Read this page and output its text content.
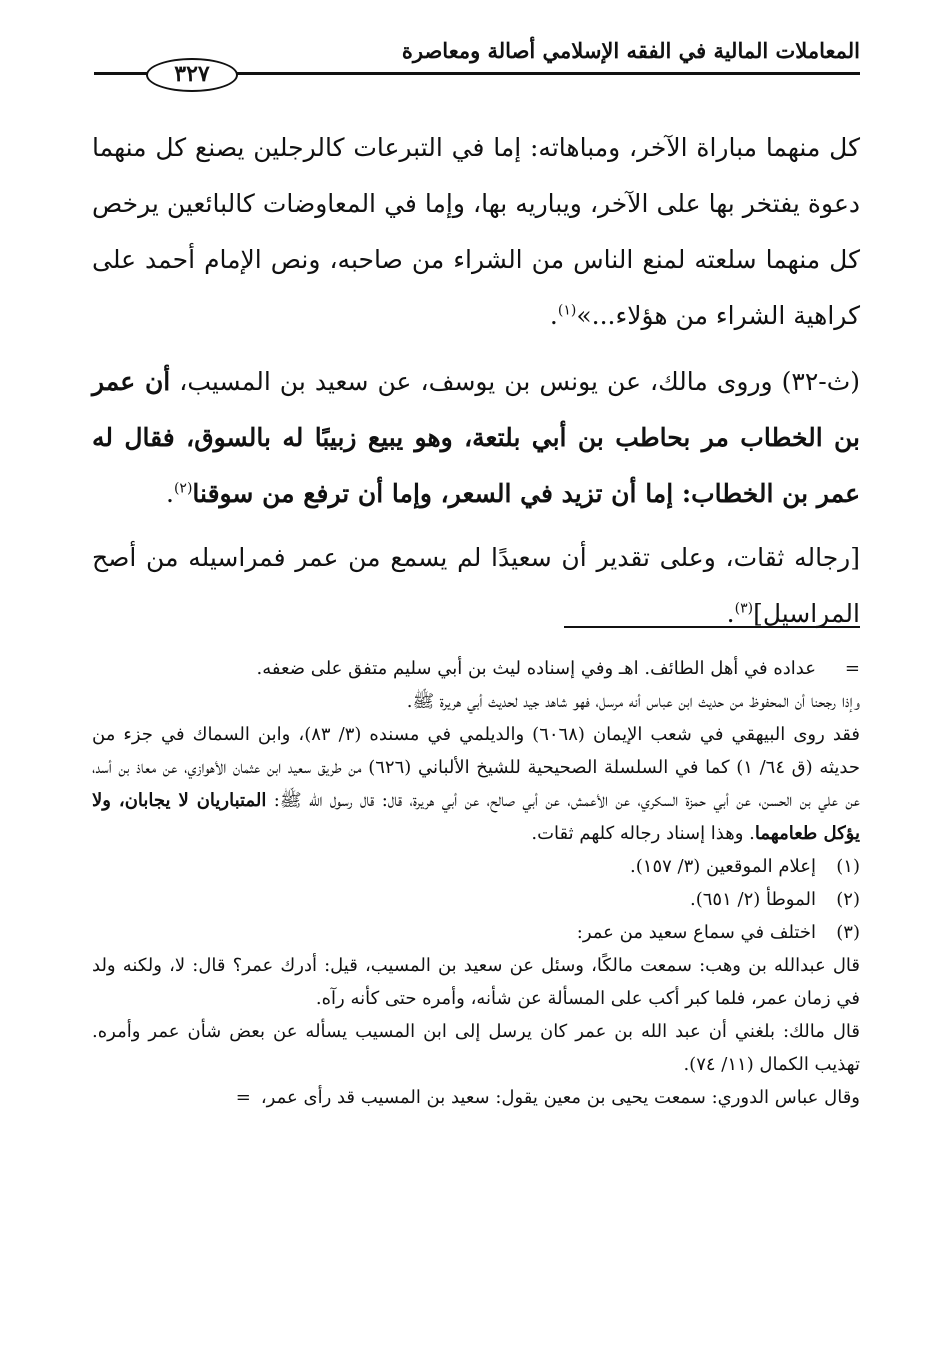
المعاملات المالية في الفقه الإسلامي أصالة ومعاصرة
٣٢٧

كل منهما مباراة الآخر، ومباهاته: إما في التبرعات كالرجلين يصنع كل منهما دعوة يفتخر بها على الآخر، ويباريه بها، وإما في المعاوضات كالبائعين يرخص كل منهما سلعته لمنع الناس من الشراء من صاحبه، ونص الإمام أحمد على كراهية الشراء من هؤلاء...»$^{(١)}$.

(ث-٣٢) وروى مالك، عن يونس بن يوسف، عن سعيد بن المسيب، أن عمر بن الخطاب مر بحاطب بن أبي بلتعة، وهو يبيع زبيبًا له بالسوق، فقال له عمر بن الخطاب: إما أن تزيد في السعر، وإما أن ترفع من سوقنا$^{(٢)}$.

[رجاله ثقات، وعلى تقدير أن سعيدًا لم يسمع من عمر فمراسيله من أصح المراسيل]$^{(٣)}$.

=
عداده في أهل الطائف. اهـ وفي إسناده ليث بن أبي سليم متفق على ضعفه.

وإذا رجحنا أن المحفوظ من حديث ابن عباس أنه مرسل، فهو شاهد جيد لحديث أبي هريرة ﷺ.

فقد روى البيهقي في شعب الإيمان (٦٠٦٨) والديلمي في مسنده (٣/ ٨٣)، وابن السماك في جزء من حديثه (ق ٦٤/ ١) كما في السلسلة الصحيحية للشيخ الألباني (٦٢٦) من طريق سعيد ابن عثمان الأهوازي، عن معاذ بن أسد، عن علي بن الحسن، عن أبي حمزة السكري، عن الأعمش، عن أبي صالح، عن أبي هريرة، قال: قال رسول الله ﷺ: المتباريان لا يجابان، ولا يؤكل طعامهما. وهذا إسناد رجاله كلهم ثقات.

(١)
إعلام الموقعين (٣/ ١٥٧).

(٢)
الموطأ (٢/ ٦٥١).

(٣)
اختلف في سماع سعيد من عمر:

قال عبدالله بن وهب: سمعت مالكًا، وسئل عن سعيد بن المسيب، قيل: أدرك عمر؟ قال: لا، ولكنه ولد في زمان عمر، فلما كبر أكب على المسألة عن شأنه، وأمره حتى كأنه رآه.

قال مالك: بلغني أن عبد الله بن عمر كان يرسل إلى ابن المسيب يسأله عن بعض شأن عمر وأمره. تهذيب الكمال (١١/ ٧٤).

وقال عباس الدوري: سمعت يحيى بن معين يقول: سعيد بن المسيب قد رأى عمر،=
